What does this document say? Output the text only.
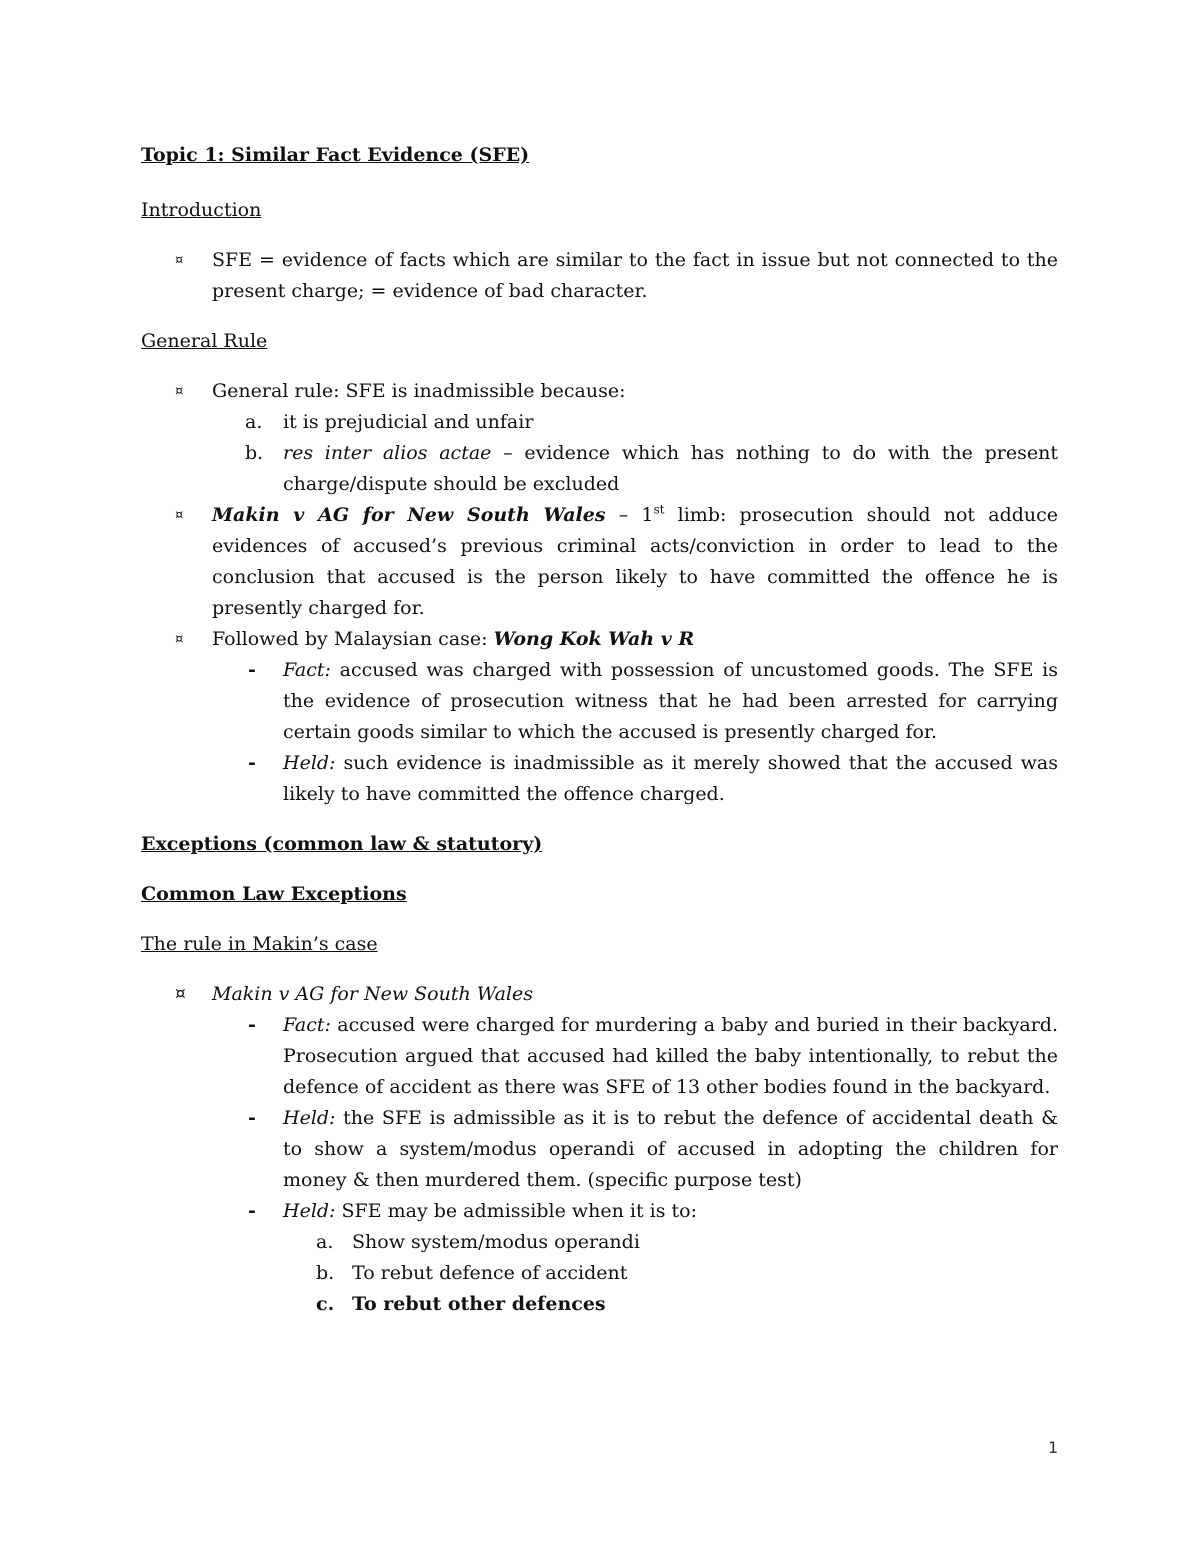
Topic 1: Similar Fact Evidence (SFE)

Introduction

¤ SFE = evidence of facts which are similar to the fact in issue but not connected to the present charge; = evidence of bad character.

General Rule

¤ General rule: SFE is inadmissible because:
a. it is prejudicial and unfair
b. res inter alios actae – evidence which has nothing to do with the present charge/dispute should be excluded
¤ Makin v AG for New South Wales – 1st limb: prosecution should not adduce evidences of accused’s previous criminal acts/conviction in order to lead to the conclusion that accused is the person likely to have committed the offence he is presently charged for.
¤ Followed by Malaysian case: Wong Kok Wah v R
- Fact: accused was charged with possession of uncustomed goods. The SFE is the evidence of prosecution witness that he had been arrested for carrying certain goods similar to which the accused is presently charged for.
- Held: such evidence is inadmissible as it merely showed that the accused was likely to have committed the offence charged.

Exceptions (common law & statutory)

Common Law Exceptions

The rule in Makin’s case

¤ Makin v AG for New South Wales
- Fact: accused were charged for murdering a baby and buried in their backyard. Prosecution argued that accused had killed the baby intentionally, to rebut the defence of accident as there was SFE of 13 other bodies found in the backyard.
- Held: the SFE is admissible as it is to rebut the defence of accidental death & to show a system/modus operandi of accused in adopting the children for money & then murdered them. (specific purpose test)
- Held: SFE may be admissible when it is to:
a. Show system/modus operandi
b. To rebut defence of accident
c. To rebut other defences
1
